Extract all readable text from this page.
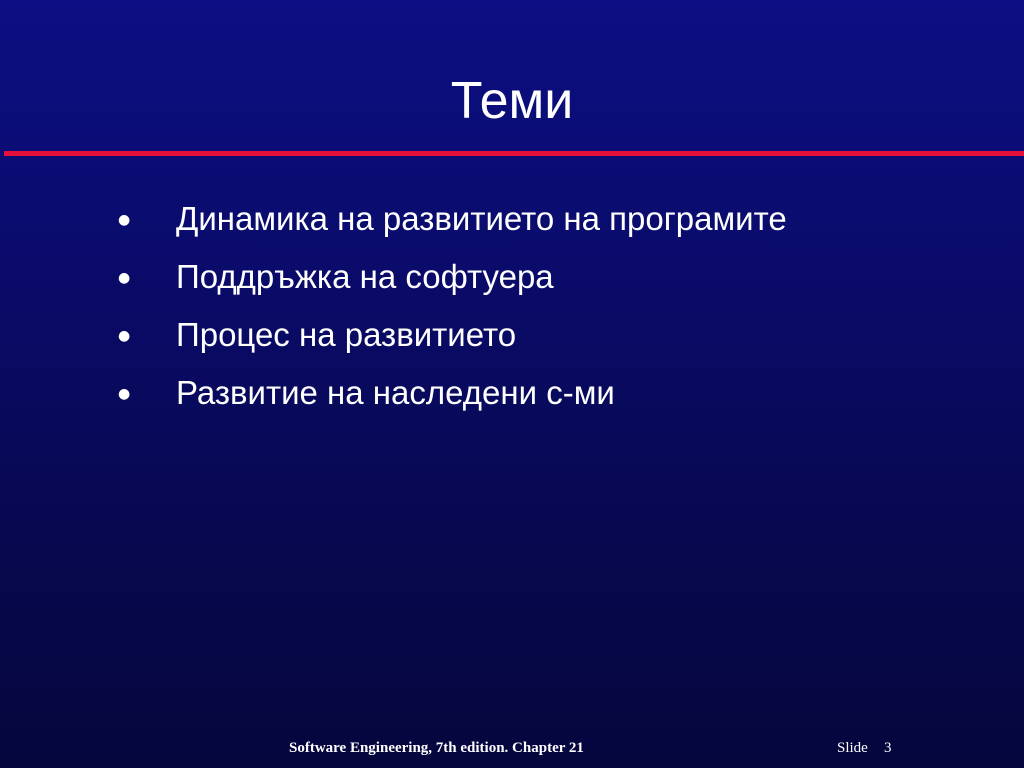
Теми
● Динамика на развитието на програмите
● Поддръжка на софтуера
● Процес на развитието
● Развитие на наследени с-ми
Software Engineering, 7th edition. Chapter 21	Slide 3
